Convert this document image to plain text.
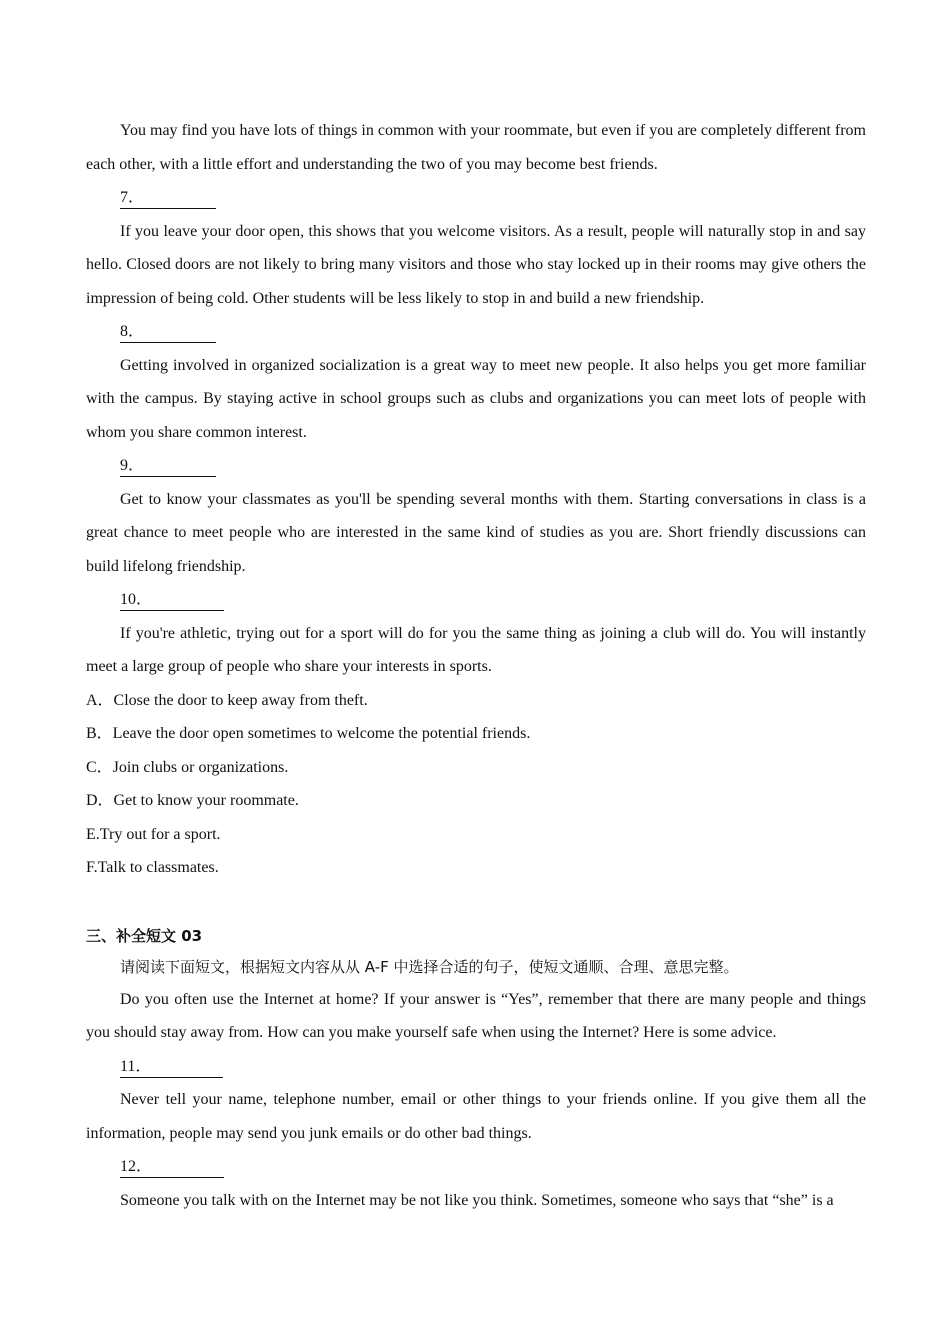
You may find you have lots of things in common with your roommate, but even if you are completely different from each other, with a little effort and understanding the two of you may become best friends.

7．

If you leave your door open, this shows that you welcome visitors. As a result, people will naturally stop in and say hello. Closed doors are not likely to bring many visitors and those who stay locked up in their rooms may give others the impression of being cold. Other students will be less likely to stop in and build a new friendship.

8．

Getting involved in organized socialization is a great way to meet new people. It also helps you get more familiar with the campus. By staying active in school groups such as clubs and organizations you can meet lots of people with whom you share common interest.

9．

Get to know your classmates as you'll be spending several months with them. Starting conversations in class is a great chance to meet people who are interested in the same kind of studies as you are. Short friendly discussions can build lifelong friendship.

10．

If you're athletic, trying out for a sport will do for you the same thing as joining a club will do. You will instantly meet a large group of people who share your interests in sports.

A．Close the door to keep away from theft.

B．Leave the door open sometimes to welcome the potential friends.

C．Join clubs or organizations.

D．Get to know your roommate.

E.Try out for a sport.

F.Talk to classmates.

三、补全短文 03

请阅读下面短文，根据短文内容从从 A-F 中选择合适的句子，使短文通顺、合理、意思完整。

Do you often use the Internet at home? If your answer is “Yes”, remember that there are many people and things you should stay away from. How can you make yourself safe when using the Internet? Here is some advice.

11．

Never tell your name, telephone number, email or other things to your friends online. If you give them all the information, people may send you junk emails or do other bad things.

12．

Someone you talk with on the Internet may be not like you think. Sometimes, someone who says that “she” is a
